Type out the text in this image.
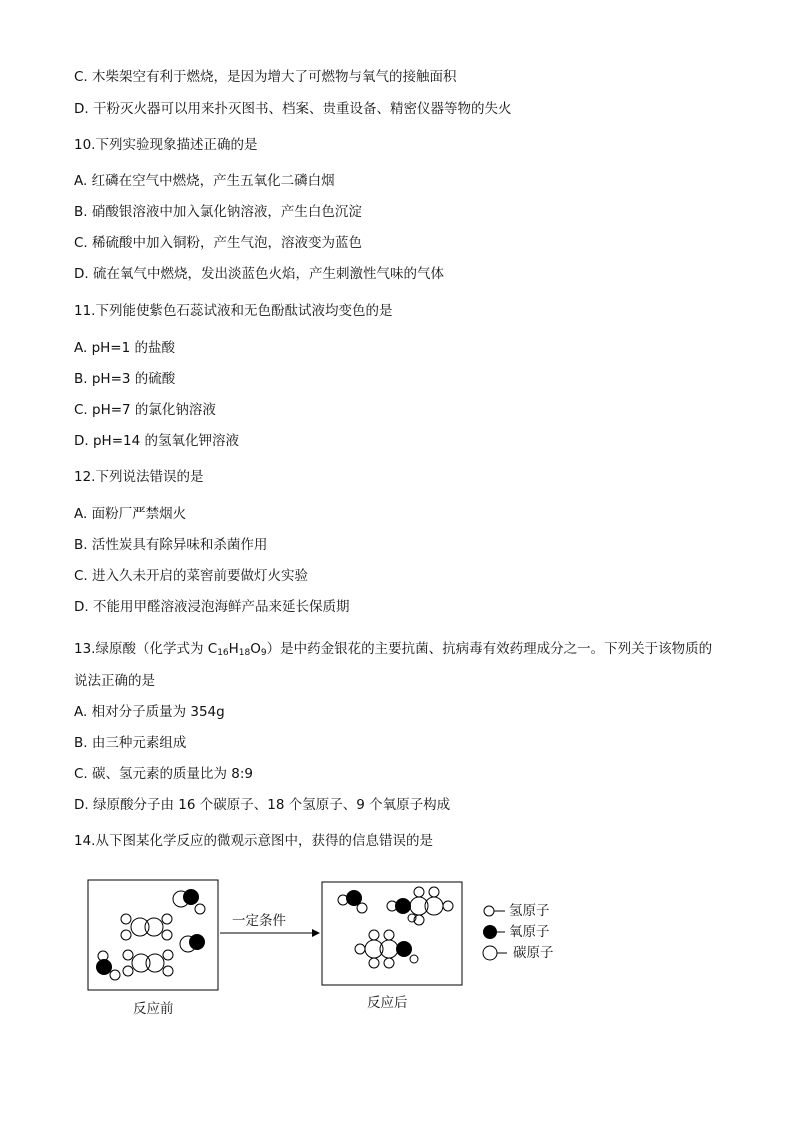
C. 木柴架空有利于燃烧，是因为增大了可燃物与氧气的接触面积
D. 干粉灭火器可以用来扑灭图书、档案、贵重设备、精密仪器等物的失火
10.下列实验现象描述正确的是
A. 红磷在空气中燃烧，产生五氧化二磷白烟
B. 硝酸银溶液中加入氯化钠溶液，产生白色沉淀
C. 稀硫酸中加入铜粉，产生气泡，溶液变为蓝色
D. 硫在氧气中燃烧，发出淡蓝色火焰，产生刺激性气味的气体
11.下列能使紫色石蕊试液和无色酚酞试液均变色的是
A. pH=1 的盐酸
B. pH=3 的硫酸
C. pH=7 的氯化钠溶液
D. pH=14 的氢氧化钾溶液
12.下列说法错误的是
A. 面粉厂严禁烟火
B. 活性炭具有除异味和杀菌作用
C. 进入久未开启的菜窖前要做灯火实验
D. 不能用甲醛溶液浸泡海鲜产品来延长保质期
A. 相对分子质量为 354g
B. 由三种元素组成
C. 碳、氢元素的质量比为 8:9
D. 绿原酸分子由 16 个碳原子、18 个氢原子、9 个氧原子构成
14.从下图某化学反应的微观示意图中，获得的信息错误的是
13.绿原酸（化学式为 $C_{16}H_{18}O_9$）是中药金银花的主要抗菌、抗病毒有效药理成分之一。下列关于该物质的
说法正确的是
一定条件
反应前	反应后
氢原子
氧原子
碳原子
